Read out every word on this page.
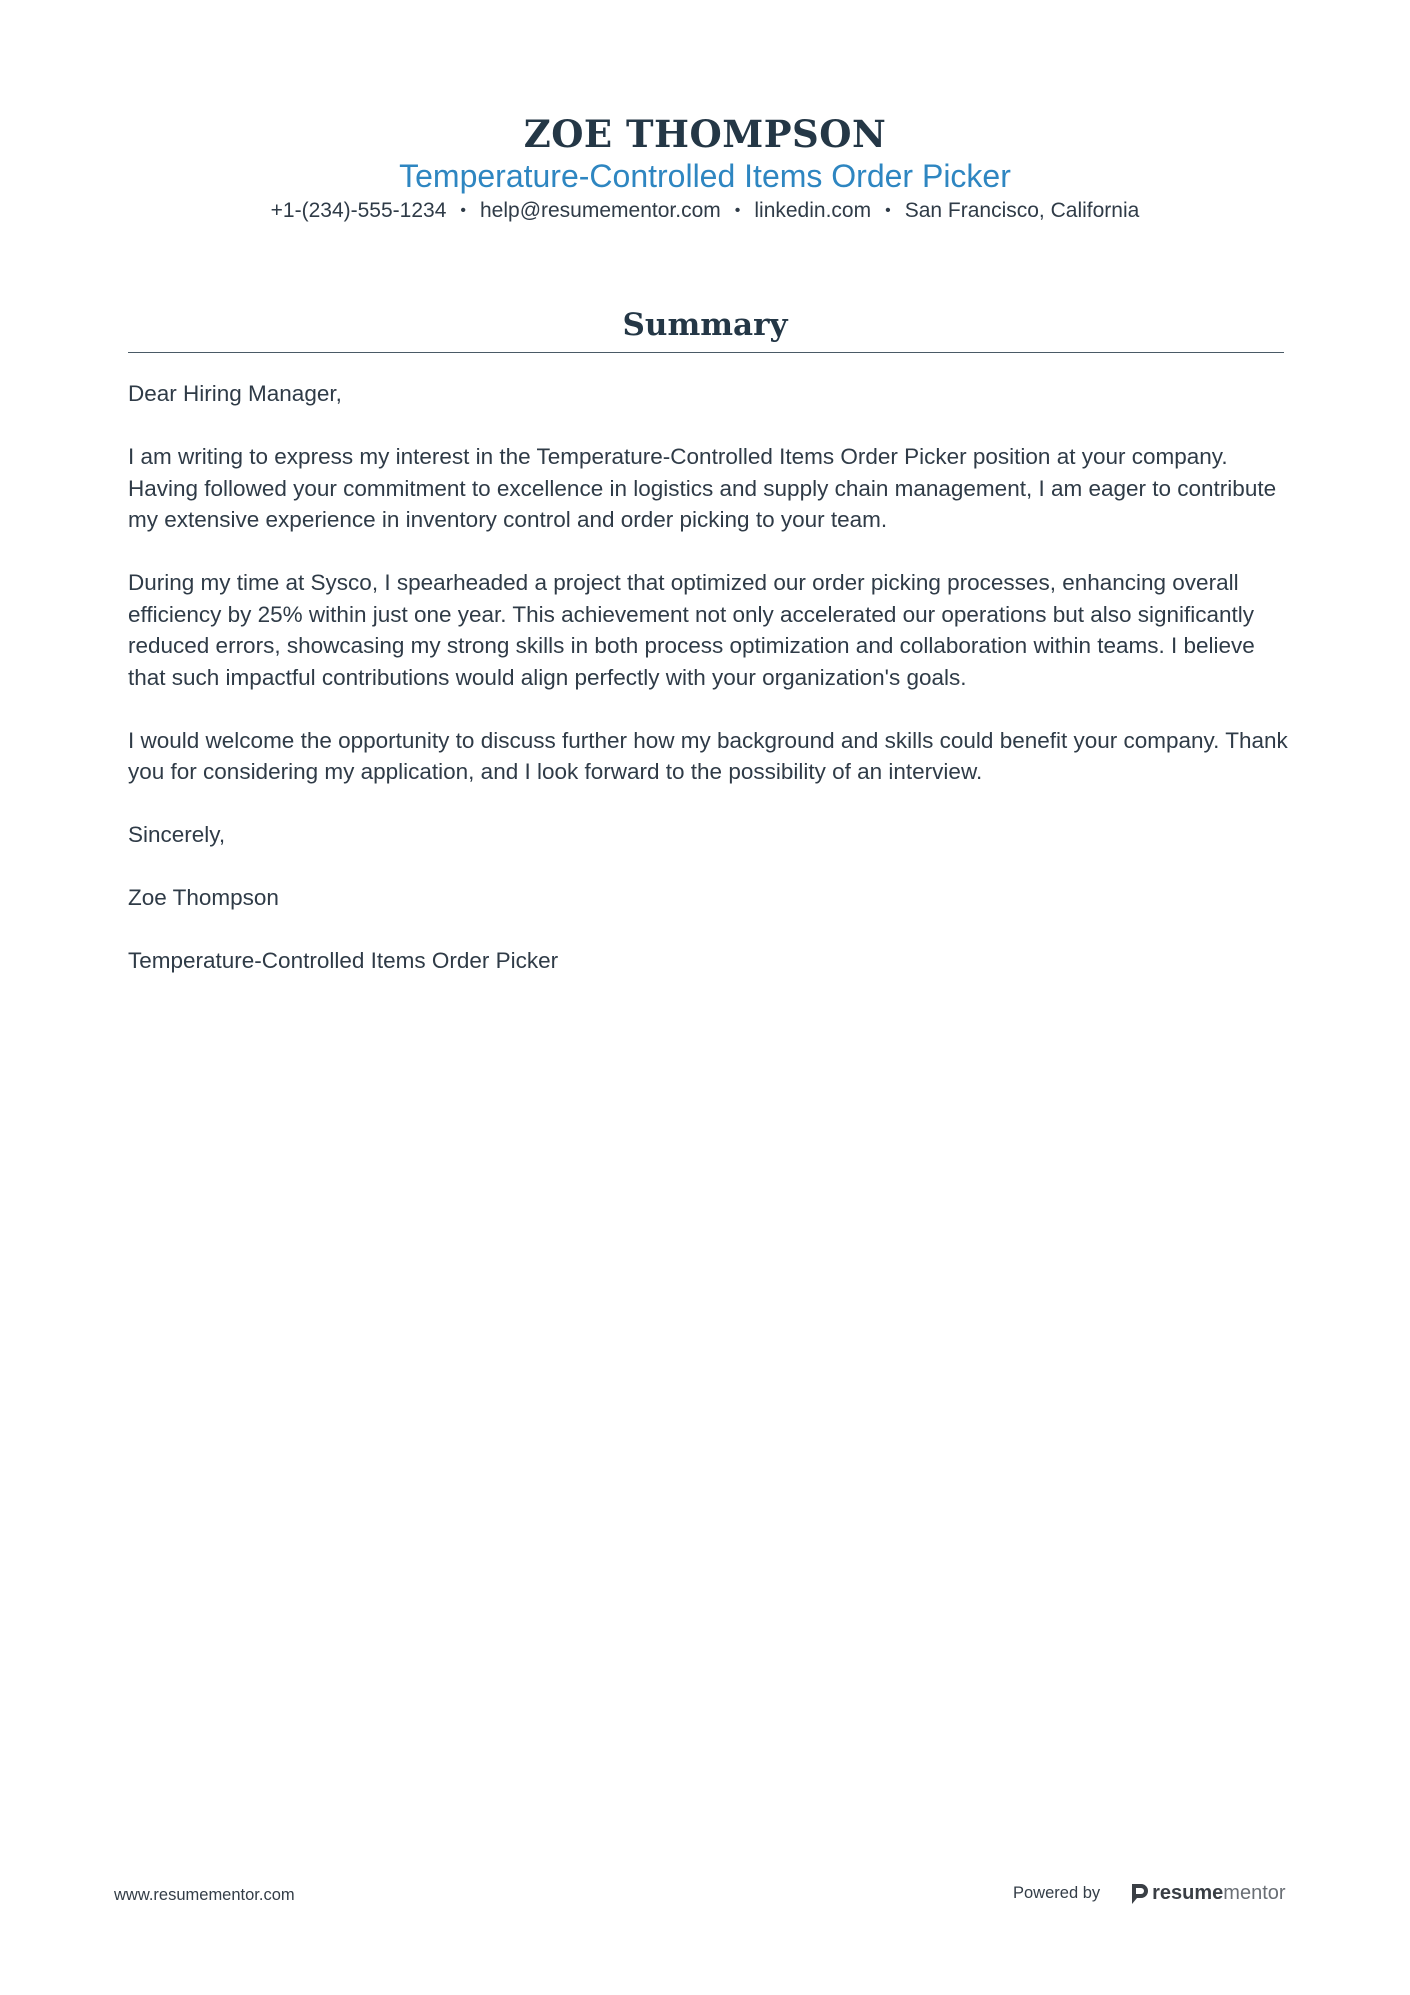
ZOE THOMPSON
Temperature-Controlled Items Order Picker
+1-(234)-555-1234 • help@resumementor.com • linkedin.com • San Francisco, California
Summary

Dear Hiring Manager,

I am writing to express my interest in the Temperature-Controlled Items Order Picker position at your company. Having followed your commitment to excellence in logistics and supply chain management, I am eager to contribute my extensive experience in inventory control and order picking to your team.

During my time at Sysco, I spearheaded a project that optimized our order picking processes, enhancing overall efficiency by 25% within just one year. This achievement not only accelerated our operations but also significantly reduced errors, showcasing my strong skills in both process optimization and collaboration within teams. I believe that such impactful contributions would align perfectly with your organization's goals.

I would welcome the opportunity to discuss further how my background and skills could benefit your company. Thank you for considering my application, and I look forward to the possibility of an interview.

Sincerely,

Zoe Thompson

Temperature-Controlled Items Order Picker

www.resumementor.com	Powered by	resume mentor
